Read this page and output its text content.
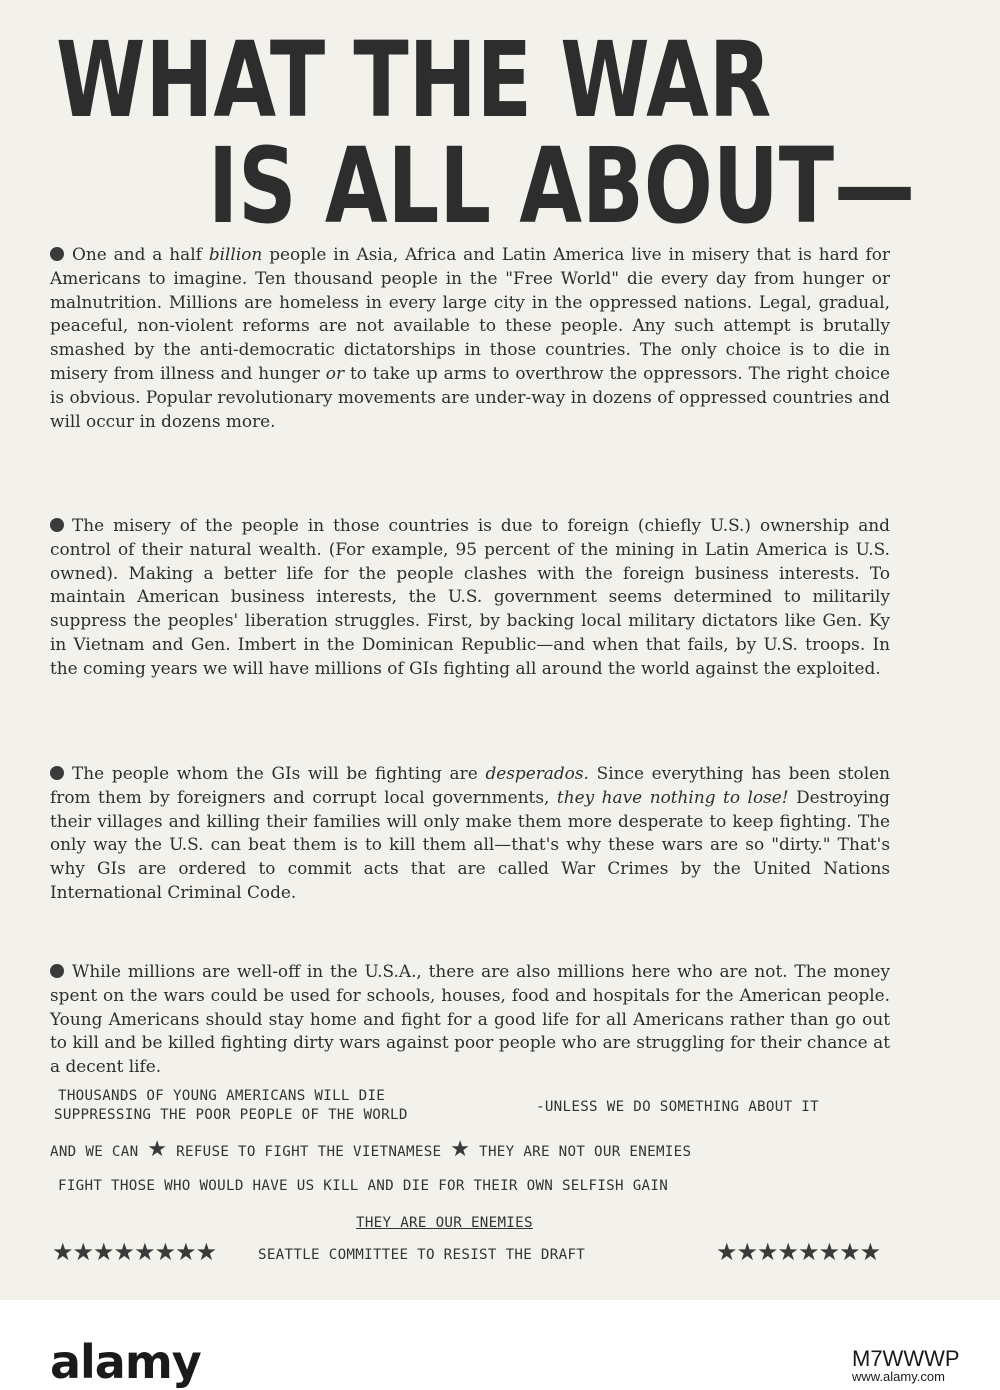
WHAT THE WAR
IS ALL ABOUT—
One and a half billion people in Asia, Africa and Latin America live in misery that is hard for Americans to imagine. Ten thousand people in the "Free World" die every day from hunger or malnutrition. Millions are homeless in every large city in the oppressed nations. Legal, gradual, peaceful, non-violent reforms are not available to these people. Any such attempt is brutally smashed by the anti-democratic dictatorships in those countries. The only choice is to die in misery from illness and hunger or to take up arms to overthrow the oppressors. The right choice is obvious. Popular revolutionary movements are under-way in dozens of oppressed countries and will occur in dozens more.
The misery of the people in those countries is due to foreign (chiefly U.S.) ownership and control of their natural wealth. (For example, 95 percent of the mining in Latin America is U.S. owned). Making a better life for the people clashes with the foreign business interests. To maintain American business interests, the U.S. government seems determined to militarily suppress the peoples' liberation struggles. First, by backing local military dictators like Gen. Ky in Vietnam and Gen. Imbert in the Dominican Republic—and when that fails, by U.S. troops. In the coming years we will have millions of GIs fighting all around the world against the exploited.
The people whom the GIs will be fighting are desperados. Since everything has been stolen from them by foreigners and corrupt local governments, they have nothing to lose! Destroying their villages and killing their families will only make them more desperate to keep fighting. The only way the U.S. can beat them is to kill them all—that's why these wars are so "dirty." That's why GIs are ordered to commit acts that are called War Crimes by the United Nations International Criminal Code.
While millions are well-off in the U.S.A., there are also millions here who are not. The money spent on the wars could be used for schools, houses, food and hospitals for the American people. Young Americans should stay home and fight for a good life for all Americans rather than go out to kill and be killed fighting dirty wars against poor people who are struggling for their chance at a decent life.
THOUSANDS OF YOUNG AMERICANS WILL DIE
SUPPRESSING THE POOR PEOPLE OF THE WORLD	-UNLESS WE DO SOMETHING ABOUT IT
AND WE CAN ★ REFUSE TO FIGHT THE VIETNAMESE ★ THEY ARE NOT OUR ENEMIES
FIGHT THOSE WHO WOULD HAVE US KILL AND DIE FOR THEIR OWN SELFISH GAIN
THEY ARE OUR ENEMIES
★★★★★★★★	SEATTLE COMMITTEE TO RESIST THE DRAFT	★★★★★★★★
alamy	M7WWWP
www.alamy.com
